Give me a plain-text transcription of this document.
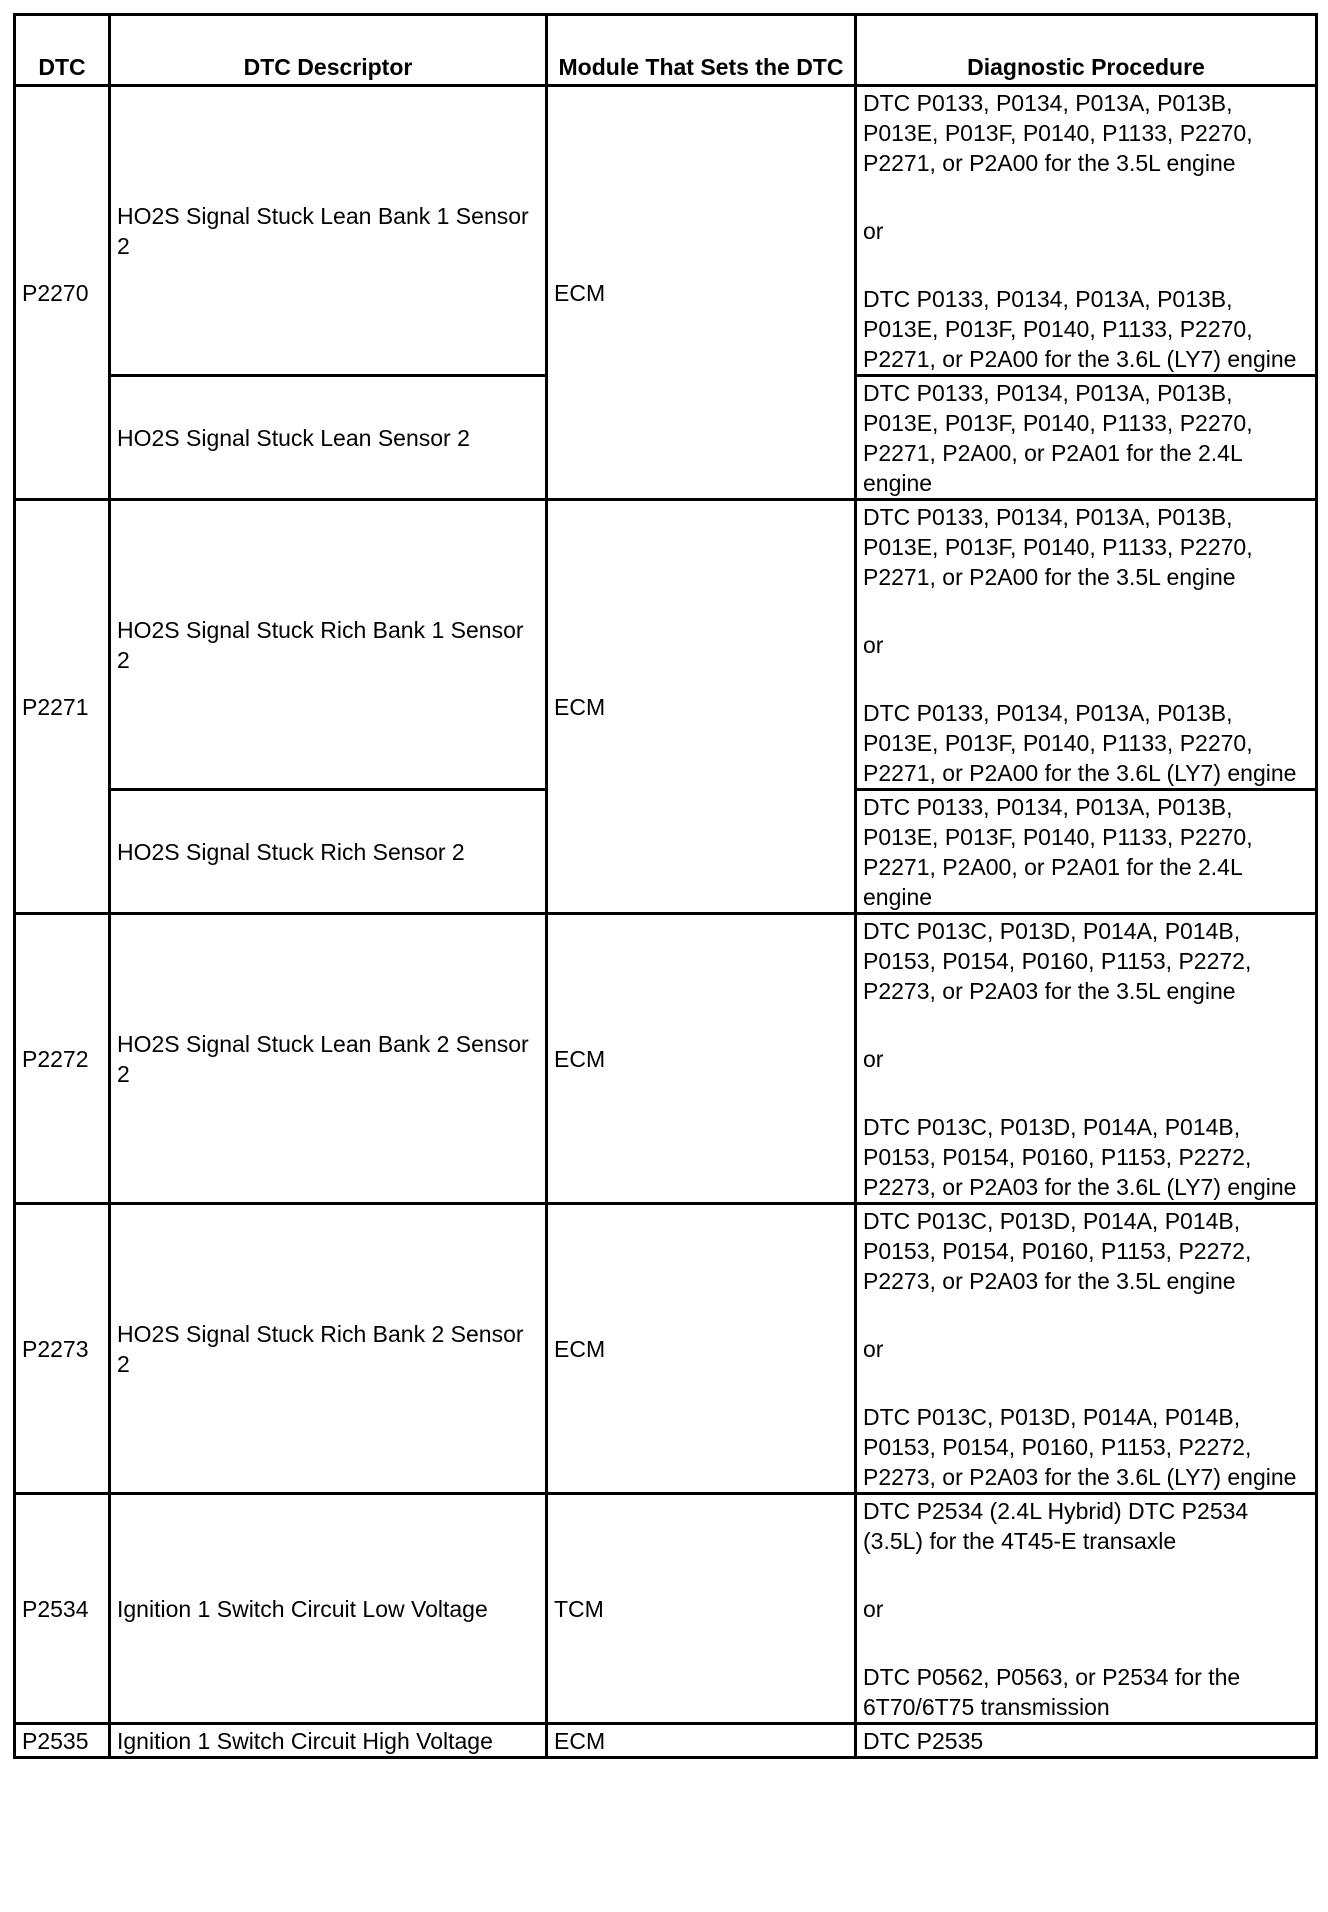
DTC	DTC Descriptor	Module That Sets the DTC	Diagnostic Procedure
P2270	HO2S Signal Stuck Lean Bank 1 Sensor 2	ECM	DTC P0133, P0134, P013A, P013B, P013E, P013F, P0140, P1133, P2270, P2271, or P2A00 for the 3.5L engine
or
DTC P0133, P0134, P013A, P013B, P013E, P013F, P0140, P1133, P2270, P2271, or P2A00 for the 3.6L (LY7) engine

	HO2S Signal Stuck Lean Sensor 2		DTC P0133, P0134, P013A, P013B, P013E, P013F, P0140, P1133, P2270, P2271, P2A00, or P2A01 for the 2.4L engine

P2271	HO2S Signal Stuck Rich Bank 1 Sensor 2	ECM	DTC P0133, P0134, P013A, P013B, P013E, P013F, P0140, P1133, P2270, P2271, or P2A00 for the 3.5L engine
or
DTC P0133, P0134, P013A, P013B, P013E, P013F, P0140, P1133, P2270, P2271, or P2A00 for the 3.6L (LY7) engine

	HO2S Signal Stuck Rich Sensor 2		DTC P0133, P0134, P013A, P013B, P013E, P013F, P0140, P1133, P2270, P2271, P2A00, or P2A01 for the 2.4L engine

P2272	HO2S Signal Stuck Lean Bank 2 Sensor 2	ECM	DTC P013C, P013D, P014A, P014B, P0153, P0154, P0160, P1153, P2272, P2273, or P2A03 for the 3.5L engine
or
DTC P013C, P013D, P014A, P014B, P0153, P0154, P0160, P1153, P2272, P2273, or P2A03 for the 3.6L (LY7) engine

P2273	HO2S Signal Stuck Rich Bank 2 Sensor 2	ECM	DTC P013C, P013D, P014A, P014B, P0153, P0154, P0160, P1153, P2272, P2273, or P2A03 for the 3.5L engine
or
DTC P013C, P013D, P014A, P014B, P0153, P0154, P0160, P1153, P2272, P2273, or P2A03 for the 3.6L (LY7) engine

P2534	Ignition 1 Switch Circuit Low Voltage	TCM	DTC P2534 (2.4L Hybrid) DTC P2534 (3.5L) for the 4T45-E transaxle
or
DTC P0562, P0563, or P2534 for the 6T70/6T75 transmission

P2535	Ignition 1 Switch Circuit High Voltage	ECM	DTC P2535
